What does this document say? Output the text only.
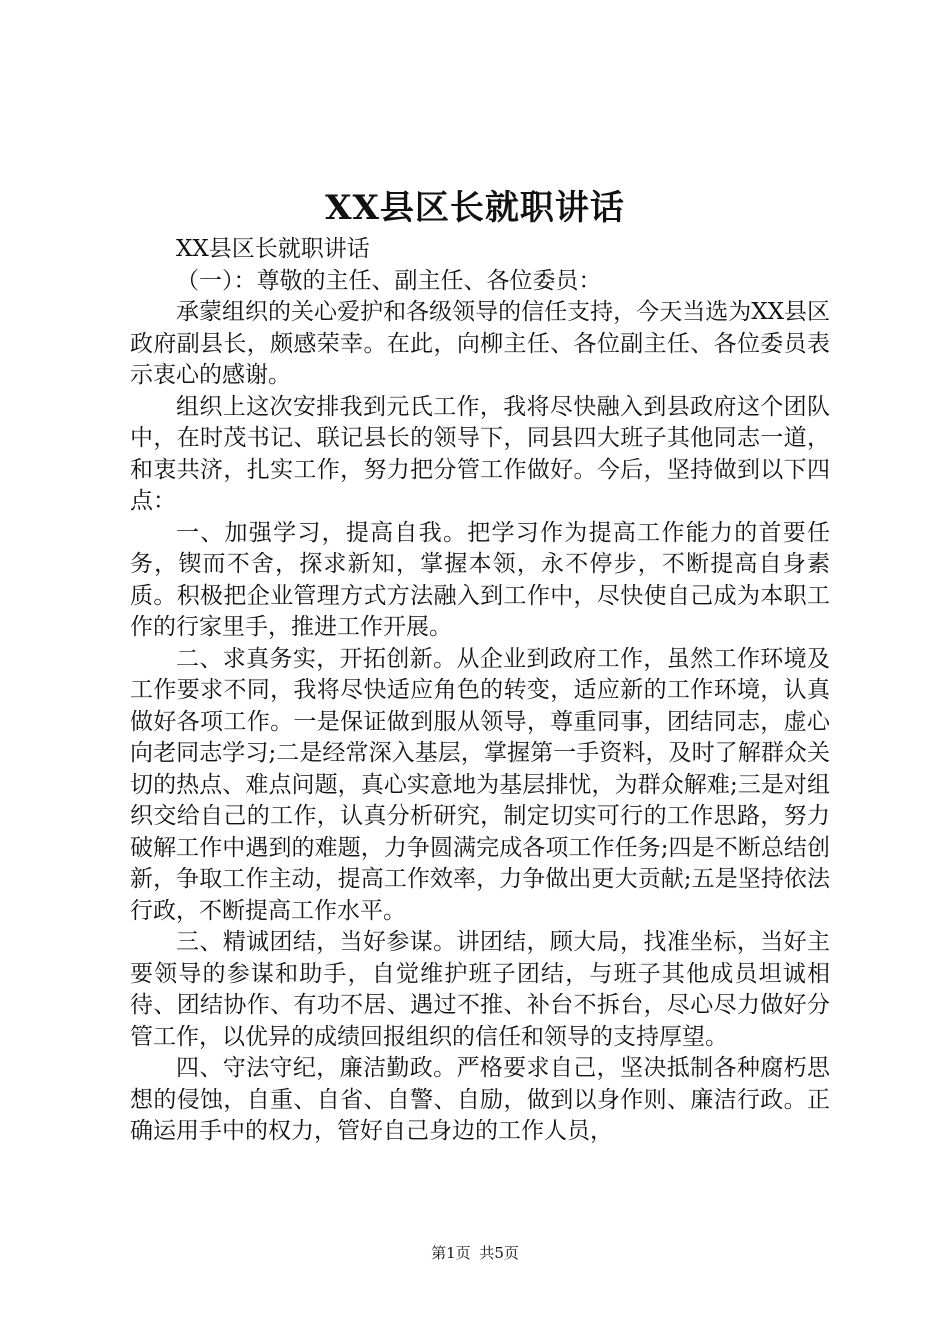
XX县区长就职讲话

XX县区长就职讲话

（一）：尊敬的主任、副主任、各位委员：

承蒙组织的关心爱护和各级领导的信任支持，今天当选为XX县区政府副县长，颇感荣幸。在此，向柳主任、各位副主任、各位委员表示衷心的感谢。

组织上这次安排我到元氏工作，我将尽快融入到县政府这个团队中，在时茂书记、联记县长的领导下，同县四大班子其他同志一道，和衷共济，扎实工作，努力把分管工作做好。今后，坚持做到以下四点：

一、加强学习，提高自我。把学习作为提高工作能力的首要任务，锲而不舍，探求新知，掌握本领，永不停步，不断提高自身素质。积极把企业管理方式方法融入到工作中，尽快使自己成为本职工作的行家里手，推进工作开展。

二、求真务实，开拓创新。从企业到政府工作，虽然工作环境及工作要求不同，我将尽快适应角色的转变，适应新的工作环境，认真做好各项工作。一是保证做到服从领导，尊重同事，团结同志，虚心向老同志学习;二是经常深入基层，掌握第一手资料，及时了解群众关切的热点、难点问题，真心实意地为基层排忧，为群众解难;三是对组织交给自己的工作，认真分析研究，制定切实可行的工作思路，努力破解工作中遇到的难题，力争圆满完成各项工作任务;四是不断总结创新，争取工作主动，提高工作效率，力争做出更大贡献;五是坚持依法行政，不断提高工作水平。

三、精诚团结，当好参谋。讲团结，顾大局，找准坐标，当好主要领导的参谋和助手，自觉维护班子团结，与班子其他成员坦诚相待、团结协作、有功不居、遇过不推、补台不拆台，尽心尽力做好分管工作，以优异的成绩回报组织的信任和领导的支持厚望。

四、守法守纪，廉洁勤政。严格要求自己，坚决抵制各种腐朽思想的侵蚀，自重、自省、自警、自励，做到以身作则、廉洁行政。正确运用手中的权力，管好自己身边的工作人员，

第1页 共5页
